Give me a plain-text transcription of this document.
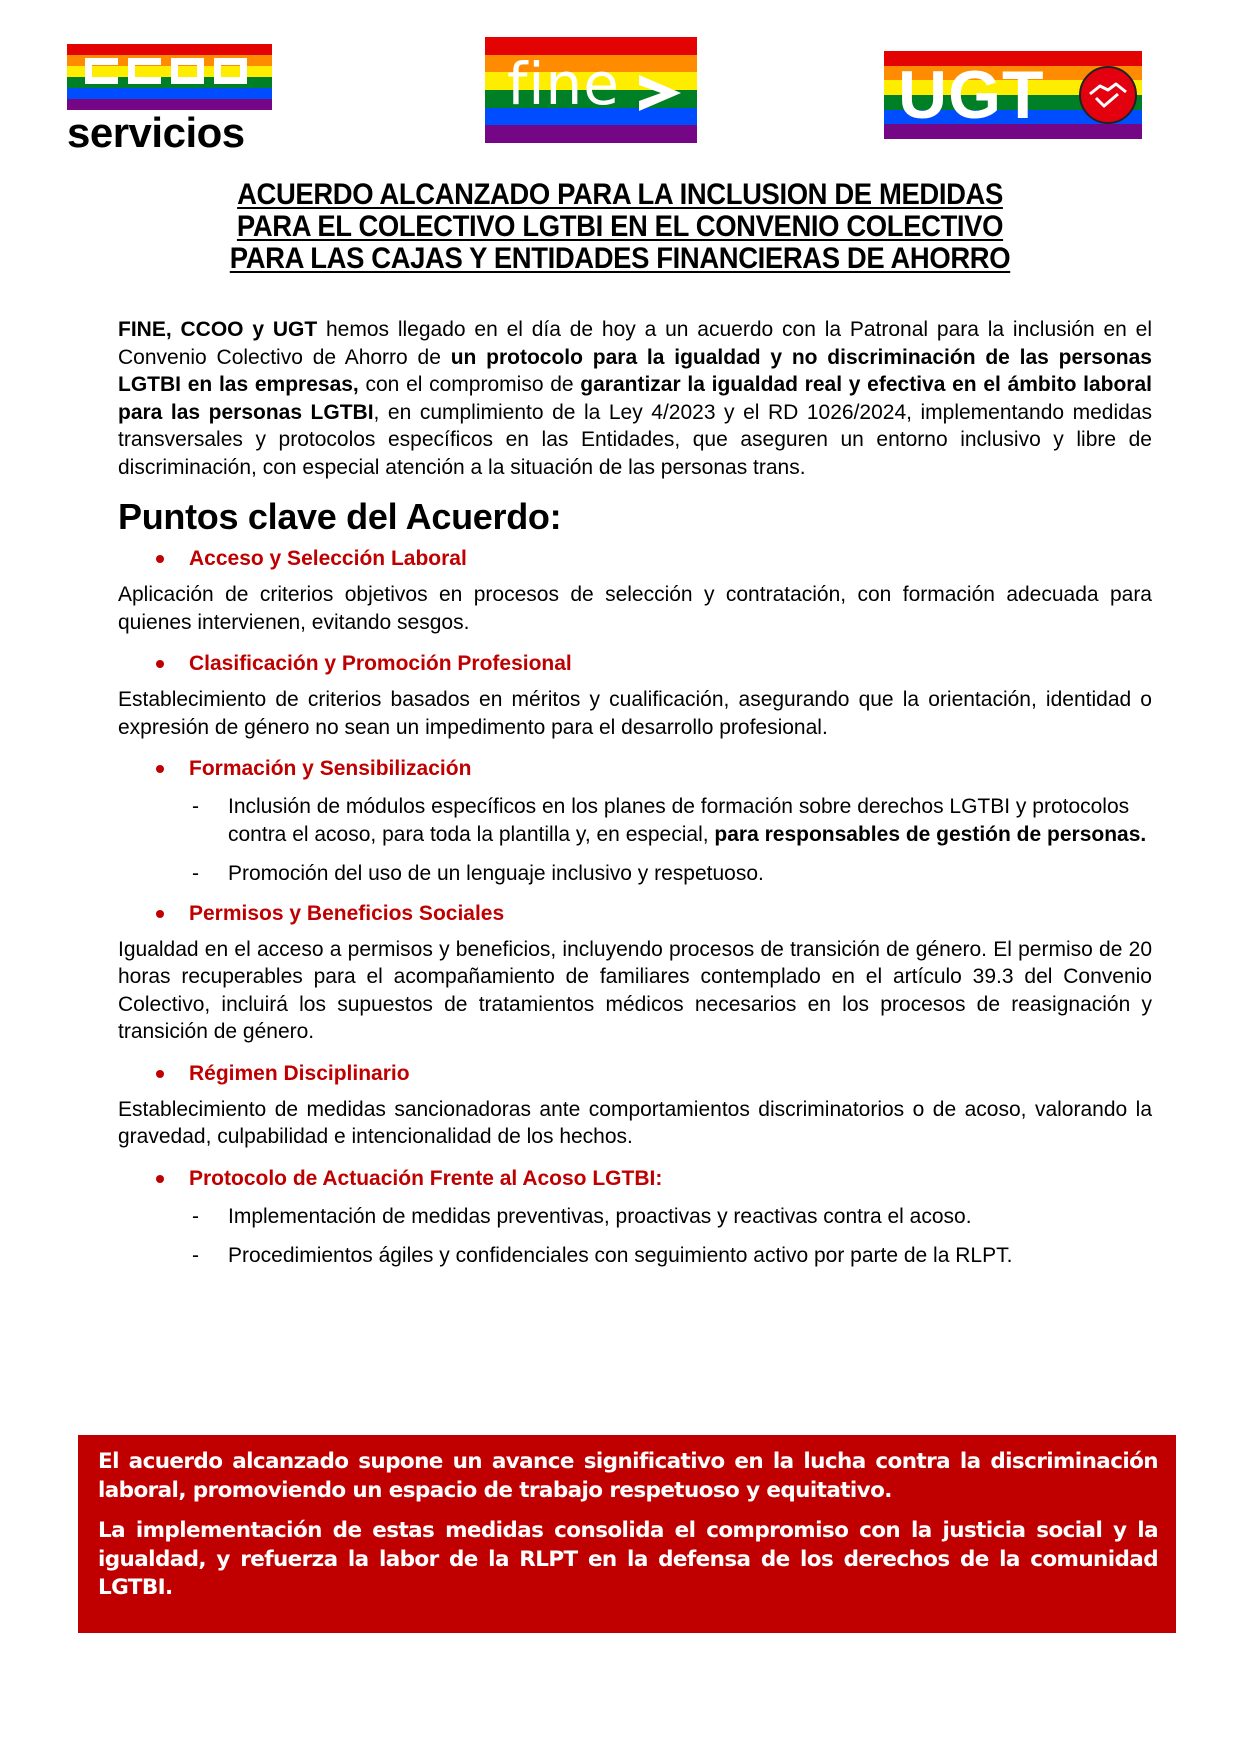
servicios
fine	UGT
ACUERDO ALCANZADO PARA LA INCLUSION DE MEDIDAS
PARA EL COLECTIVO LGTBI EN EL CONVENIO COLECTIVO
PARA LAS CAJAS Y ENTIDADES FINANCIERAS DE AHORRO

FINE, CCOO y UGT hemos llegado en el día de hoy a un acuerdo con la Patronal para la inclusión en el Convenio Colectivo de Ahorro de un protocolo para la igualdad y no discriminación de las personas LGTBI en las empresas, con el compromiso de garantizar la igualdad real y efectiva en el ámbito laboral para las personas LGTBI, en cumplimiento de la Ley 4/2023 y el RD 1026/2024, implementando medidas transversales y protocolos específicos en las Entidades, que aseguren un entorno inclusivo y libre de discriminación, con especial atención a la situación de las personas trans.

Puntos clave del Acuerdo:
Acceso y Selección Laboral

Aplicación de criterios objetivos en procesos de selección y contratación, con formación adecuada para quienes intervienen, evitando sesgos.

Clasificación y Promoción Profesional

Establecimiento de criterios basados en méritos y cualificación, asegurando que la orientación, identidad o expresión de género no sean un impedimento para el desarrollo profesional.

Formación y Sensibilización
-	Inclusión de módulos específicos en los planes de formación sobre derechos LGTBI y protocolos contra el acoso, para toda la plantilla y, en especial, para responsables de gestión de personas.
-	Promoción del uso de un lenguaje inclusivo y respetuoso.
Permisos y Beneficios Sociales

Igualdad en el acceso a permisos y beneficios, incluyendo procesos de transición de género. El permiso de 20 horas recuperables para el acompañamiento de familiares contemplado en el artículo 39.3 del Convenio Colectivo, incluirá los supuestos de tratamientos médicos necesarios en los procesos de reasignación y transición de género.

Régimen Disciplinario

Establecimiento de medidas sancionadoras ante comportamientos discriminatorios o de acoso, valorando la gravedad, culpabilidad e intencionalidad de los hechos.

Protocolo de Actuación Frente al Acoso LGTBI:
-	Implementación de medidas preventivas, proactivas y reactivas contra el acoso.
-	Procedimientos ágiles y confidenciales con seguimiento activo por parte de la RLPT.

El acuerdo alcanzado supone un avance significativo en la lucha contra la discriminación laboral, promoviendo un espacio de trabajo respetuoso y equitativo.

La implementación de estas medidas consolida el compromiso con la justicia social y la igualdad, y refuerza la labor de la RLPT en la defensa de los derechos de la comunidad LGTBI.
